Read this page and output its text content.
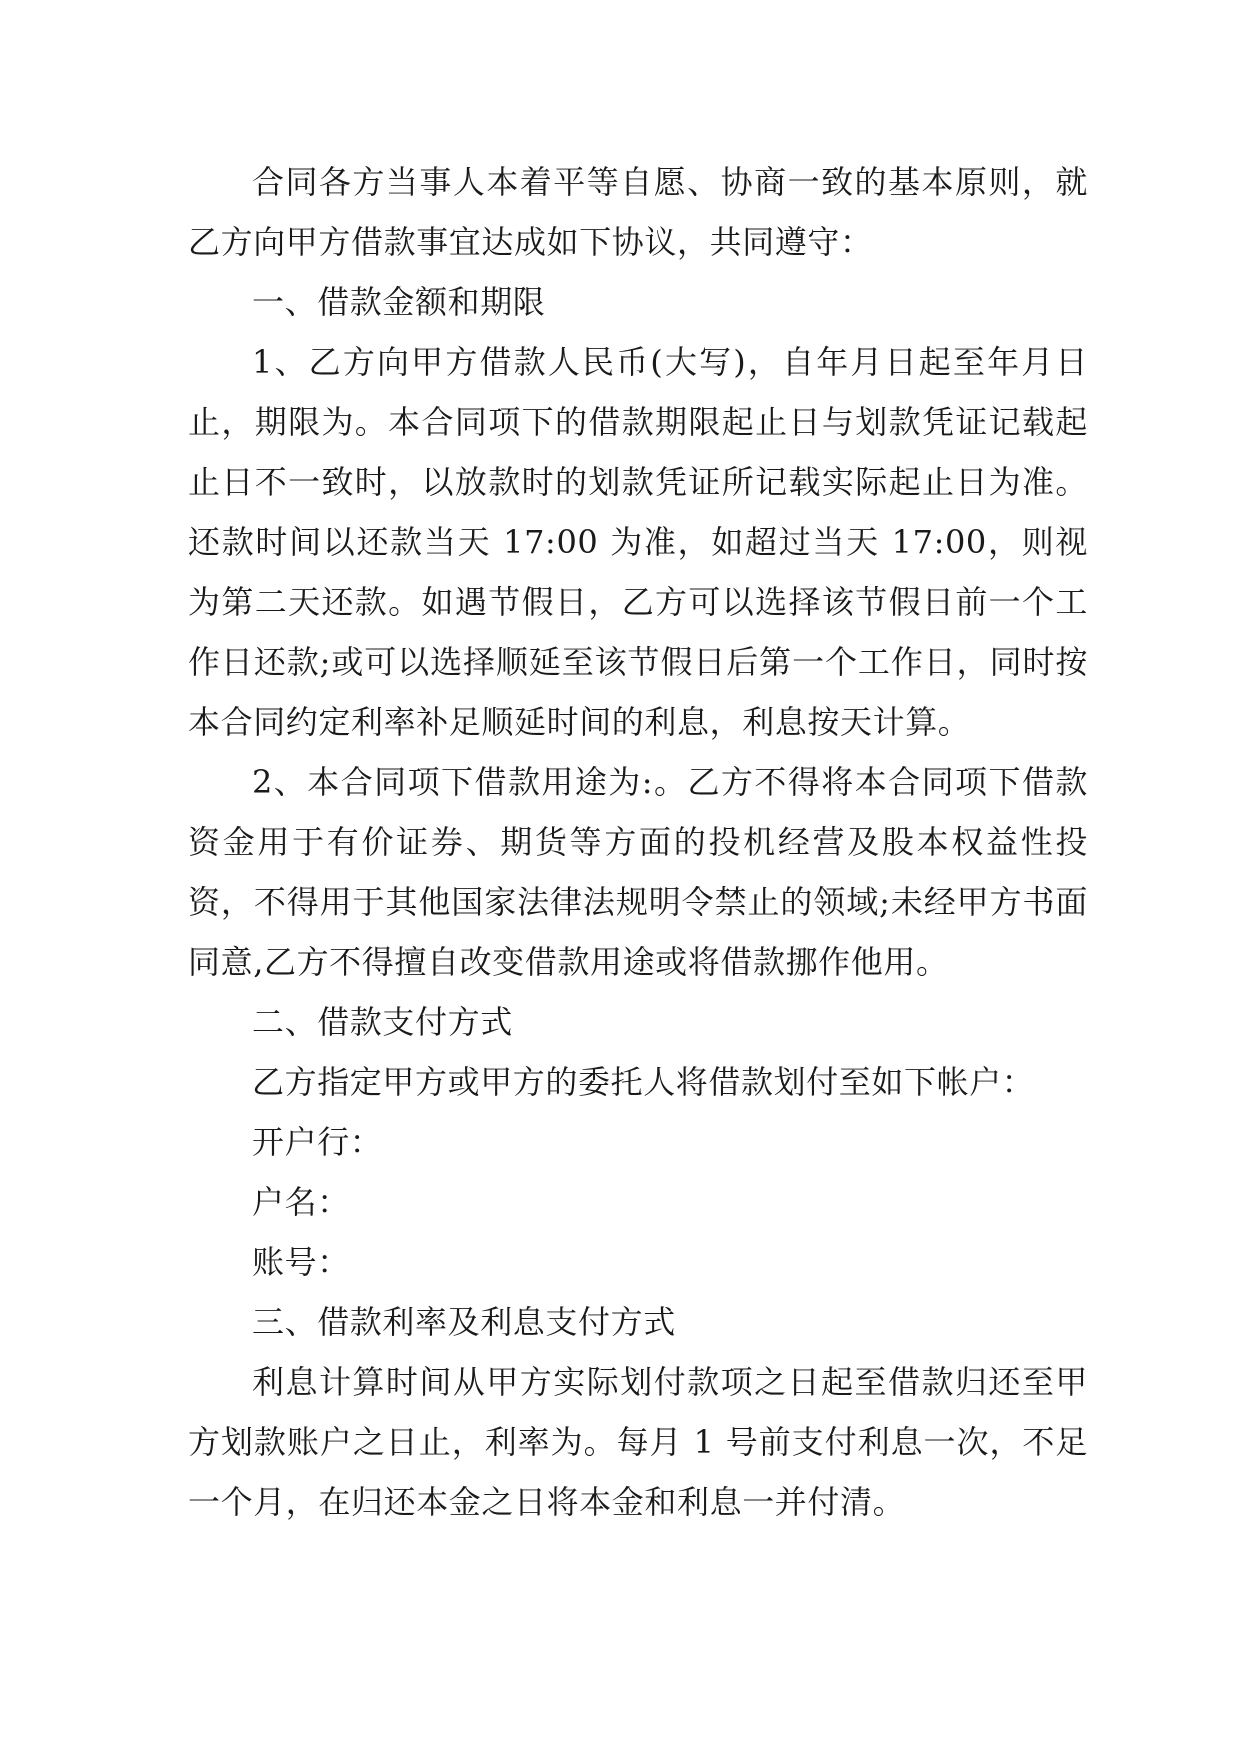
合同各方当事人本着平等自愿、协商一致的基本原则，就乙方向甲方借款事宜达成如下协议，共同遵守：

一、借款金额和期限

1、乙方向甲方借款人民币(大写)，自年月日起至年月日止，期限为。本合同项下的借款期限起止日与划款凭证记载起止日不一致时，以放款时的划款凭证所记载实际起止日为准。还款时间以还款当天 17:00 为准，如超过当天 17:00，则视为第二天还款。如遇节假日，乙方可以选择该节假日前一个工作日还款;或可以选择顺延至该节假日后第一个工作日，同时按本合同约定利率补足顺延时间的利息，利息按天计算。

2、本合同项下借款用途为:。乙方不得将本合同项下借款资金用于有价证券、期货等方面的投机经营及股本权益性投资，不得用于其他国家法律法规明令禁止的领域;未经甲方书面同意,乙方不得擅自改变借款用途或将借款挪作他用。

二、借款支付方式

乙方指定甲方或甲方的委托人将借款划付至如下帐户：

开户行：

户名：

账号：

三、借款利率及利息支付方式

利息计算时间从甲方实际划付款项之日起至借款归还至甲方划款账户之日止，利率为。每月 1 号前支付利息一次，不足一个月，在归还本金之日将本金和利息一并付清。
